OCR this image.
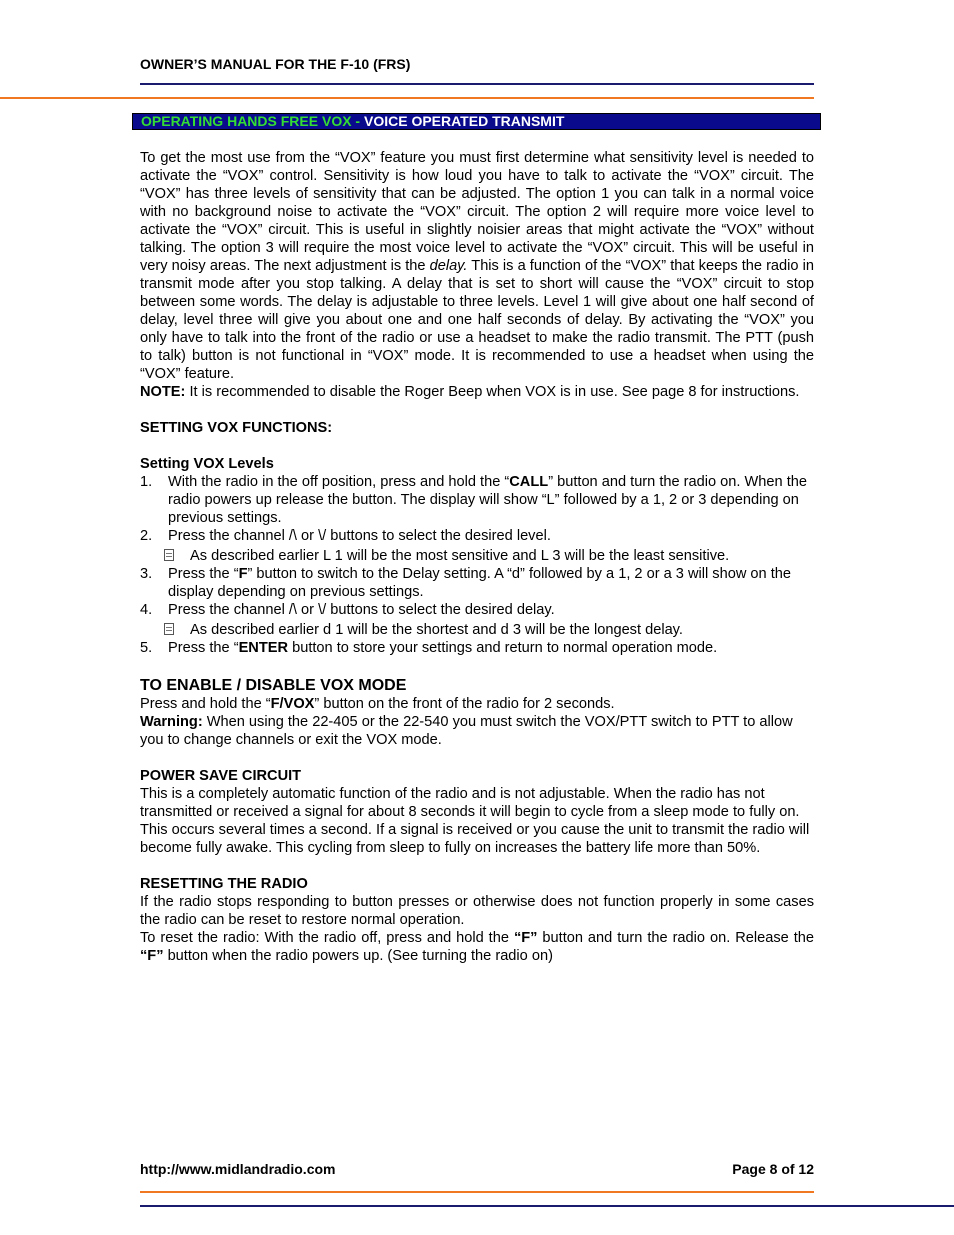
OWNER’S MANUAL FOR THE F-10 (FRS)
OPERATING HANDS FREE VOX - VOICE OPERATED TRANSMIT

To get the most use from the “VOX” feature you must first determine what sensitivity level is needed to activate the “VOX” control. Sensitivity is how loud you have to talk to activate the “VOX” circuit. The “VOX” has three levels of sensitivity that can be adjusted. The option 1 you can talk in a normal voice with no background noise to activate the “VOX” circuit. The option 2 will require more voice level to activate the “VOX” circuit. This is useful in slightly noisier areas that might activate the “VOX” without talking. The option 3 will require the most voice level to activate the “VOX” circuit. This will be useful in very noisy areas. The next adjustment is the delay. This is a function of the “VOX” that keeps the radio in transmit mode after you stop talking. A delay that is set to short will cause the “VOX” circuit to stop between some words. The delay is adjustable to three levels. Level 1 will give about one half second of delay, level three will give you about one and one half seconds of delay. By activating the “VOX” you only have to talk into the front of the radio or use a headset to make the radio transmit. The PTT (push to talk) button is not functional in “VOX” mode. It is recommended to use a headset when using the “VOX” feature.

NOTE: It is recommended to disable the Roger Beep when VOX is in use. See page 8 for instructions.

SETTING VOX FUNCTIONS:
Setting VOX Levels
1. With the radio in the off position, press and hold the “CALL” button and turn the radio on. When the radio powers up release the button. The display will show “L” followed by a 1, 2 or 3 depending on previous settings.
2. Press the channel /\ or \/ buttons to select the desired level.
As described earlier L 1 will be the most sensitive and L 3 will be the least sensitive.
3. Press the “F” button to switch to the Delay setting. A “d” followed by a 1, 2 or a 3 will show on the display depending on previous settings.
4. Press the channel /\ or \/ buttons to select the desired delay.
As described earlier d 1 will be the shortest and d 3 will be the longest delay.
5. Press the “ENTER button to store your settings and return to normal operation mode.
TO ENABLE / DISABLE VOX MODE

Press and hold the “F/VOX” button on the front of the radio for 2 seconds.

Warning: When using the 22-405 or the 22-540 you must switch the VOX/PTT switch to PTT to allow you to change channels or exit the VOX mode.

POWER SAVE CIRCUIT

This is a completely automatic function of the radio and is not adjustable. When the radio has not transmitted or received a signal for about 8 seconds it will begin to cycle from a sleep mode to fully on. This occurs several times a second. If a signal is received or you cause the unit to transmit the radio will become fully awake. This cycling from sleep to fully on increases the battery life more than 50%.

RESETTING THE RADIO

If the radio stops responding to button presses or otherwise does not function properly in some cases the radio can be reset to restore normal operation.

To reset the radio: With the radio off, press and hold the “F” button and turn the radio on. Release the “F” button when the radio powers up. (See turning the radio on)

http://www.midlandradio.com	Page 8 of 12
